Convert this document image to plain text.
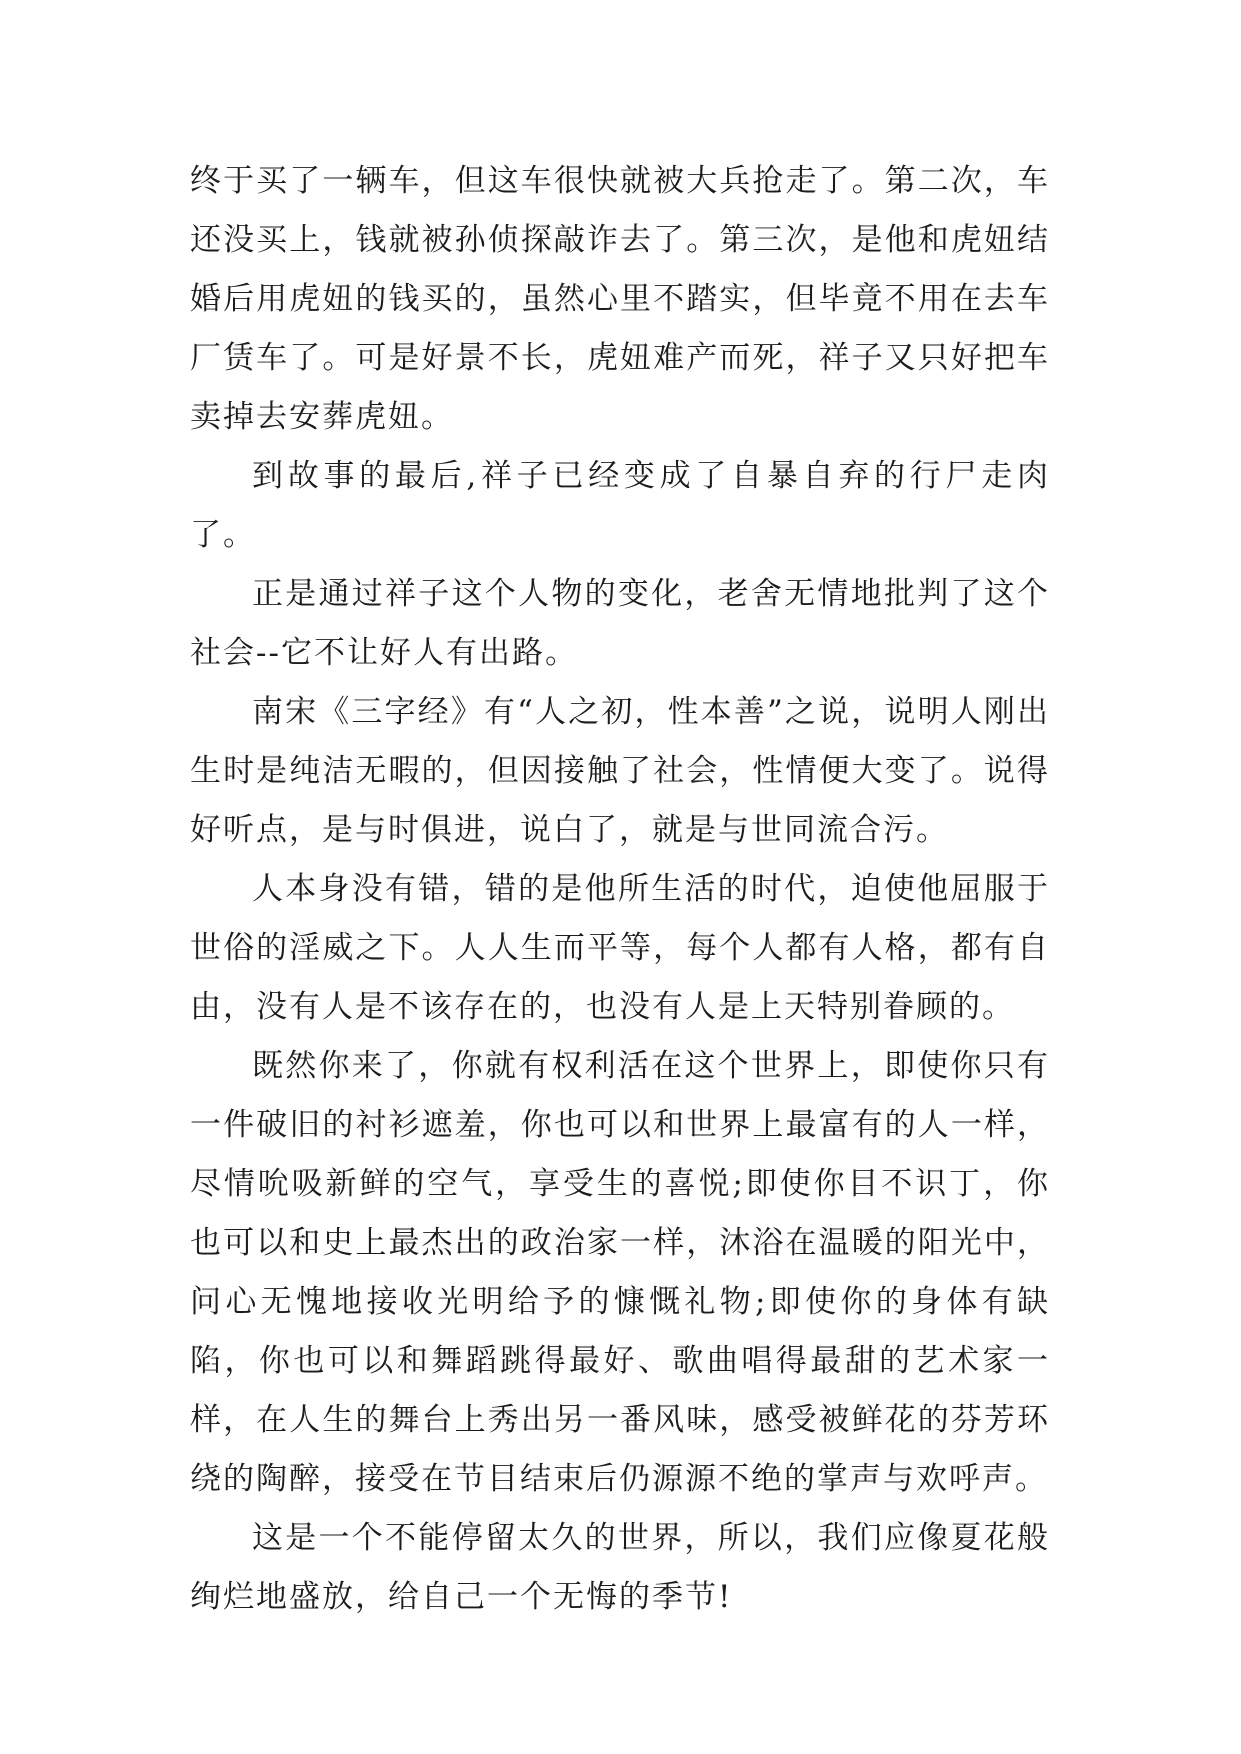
终于买了一辆车，但这车很快就被大兵抢走了。第二次，车还没买上，钱就被孙侦探敲诈去了。第三次，是他和虎妞结婚后用虎妞的钱买的，虽然心里不踏实，但毕竟不用在去车厂赁车了。可是好景不长，虎妞难产而死，祥子又只好把车卖掉去安葬虎妞。

到故事的最后,祥子已经变成了自暴自弃的行尸走肉了。

正是通过祥子这个人物的变化，老舍无情地批判了这个社会--它不让好人有出路。

南宋《三字经》有“人之初，性本善”之说，说明人刚出生时是纯洁无暇的，但因接触了社会，性情便大变了。说得好听点，是与时俱进，说白了，就是与世同流合污。

人本身没有错，错的是他所生活的时代，迫使他屈服于世俗的淫威之下。人人生而平等，每个人都有人格，都有自由，没有人是不该存在的，也没有人是上天特别眷顾的。

既然你来了，你就有权利活在这个世界上，即使你只有一件破旧的衬衫遮羞，你也可以和世界上最富有的人一样，尽情吮吸新鲜的空气，享受生的喜悦;即使你目不识丁，你也可以和史上最杰出的政治家一样，沐浴在温暖的阳光中，问心无愧地接收光明给予的慷慨礼物;即使你的身体有缺陷，你也可以和舞蹈跳得最好、歌曲唱得最甜的艺术家一样，在人生的舞台上秀出另一番风味，感受被鲜花的芬芳环绕的陶醉，接受在节目结束后仍源源不绝的掌声与欢呼声。

这是一个不能停留太久的世界，所以，我们应像夏花般绚烂地盛放，给自己一个无悔的季节!
